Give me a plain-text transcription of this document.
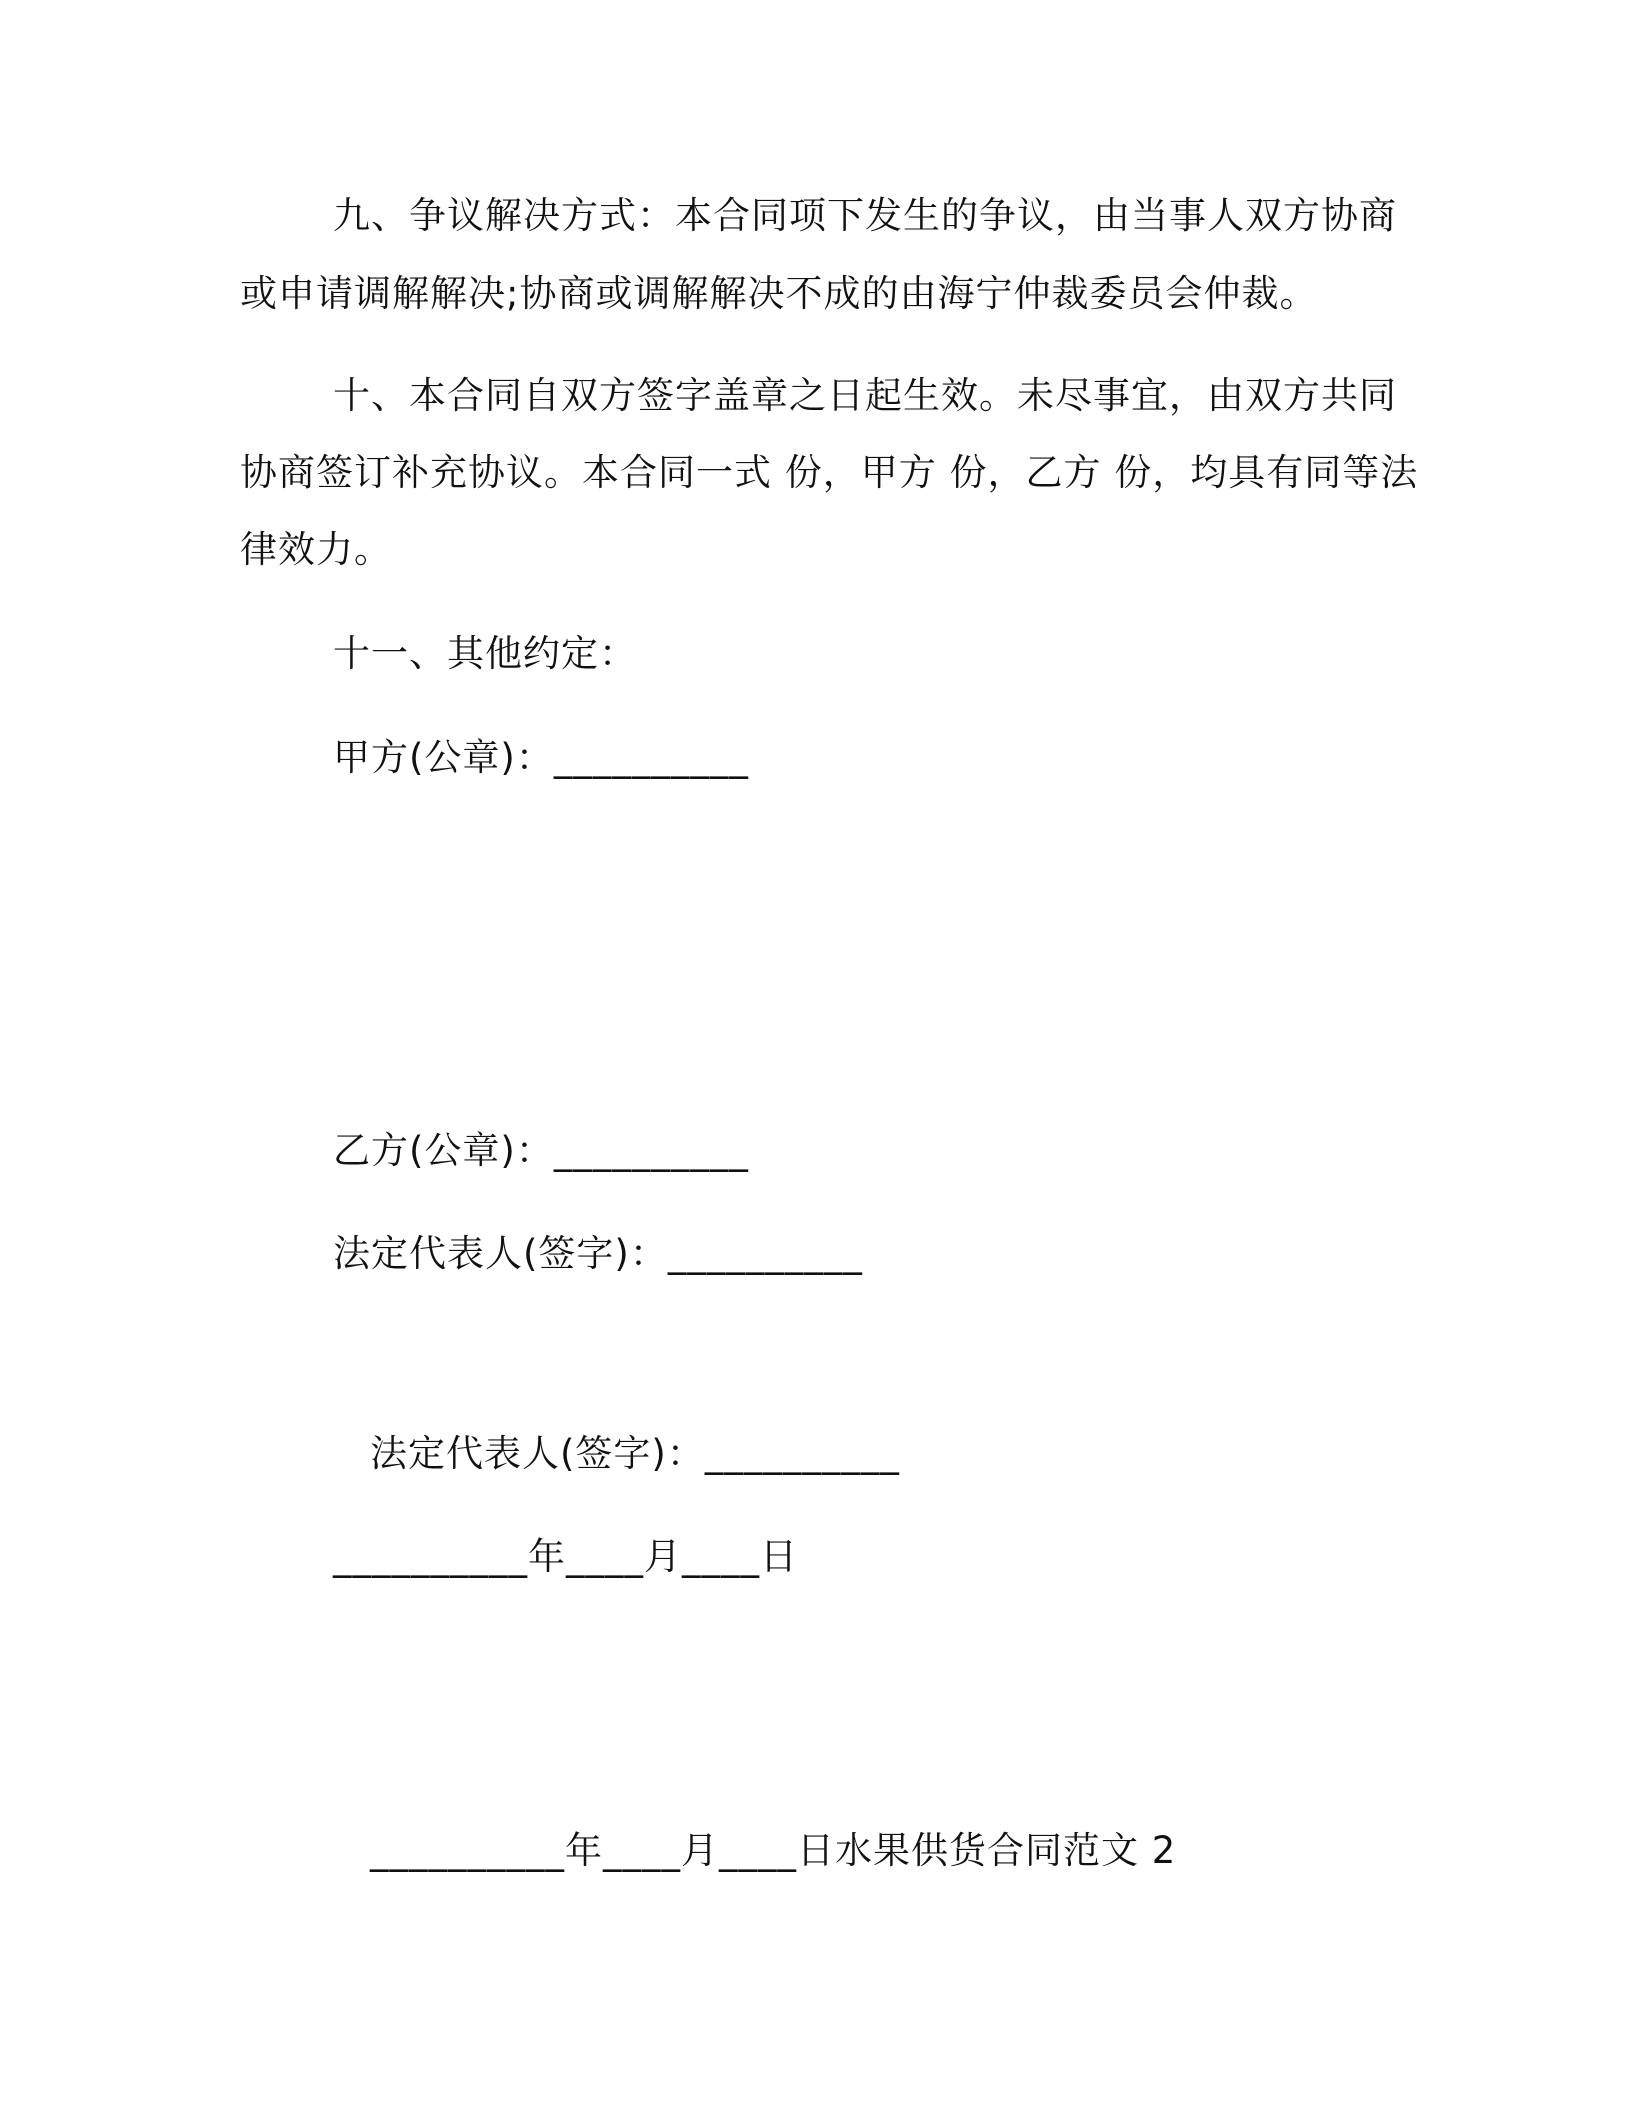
九、争议解决方式：本合同项下发生的争议，由当事人双方协商
或申请调解解决;协商或调解解决不成的由海宁仲裁委员会仲裁。
十、本合同自双方签字盖章之日起生效。未尽事宜，由双方共同
协商签订补充协议。本合同一式 份，甲方 份，乙方 份，均具有同等法
律效力。
十一、其他约定：
甲方(公章)：__________
乙方(公章)：__________
法定代表人(签字)：__________
法定代表人(签字)：__________
__________年____月____日
__________年____月____日水果供货合同范文 2
